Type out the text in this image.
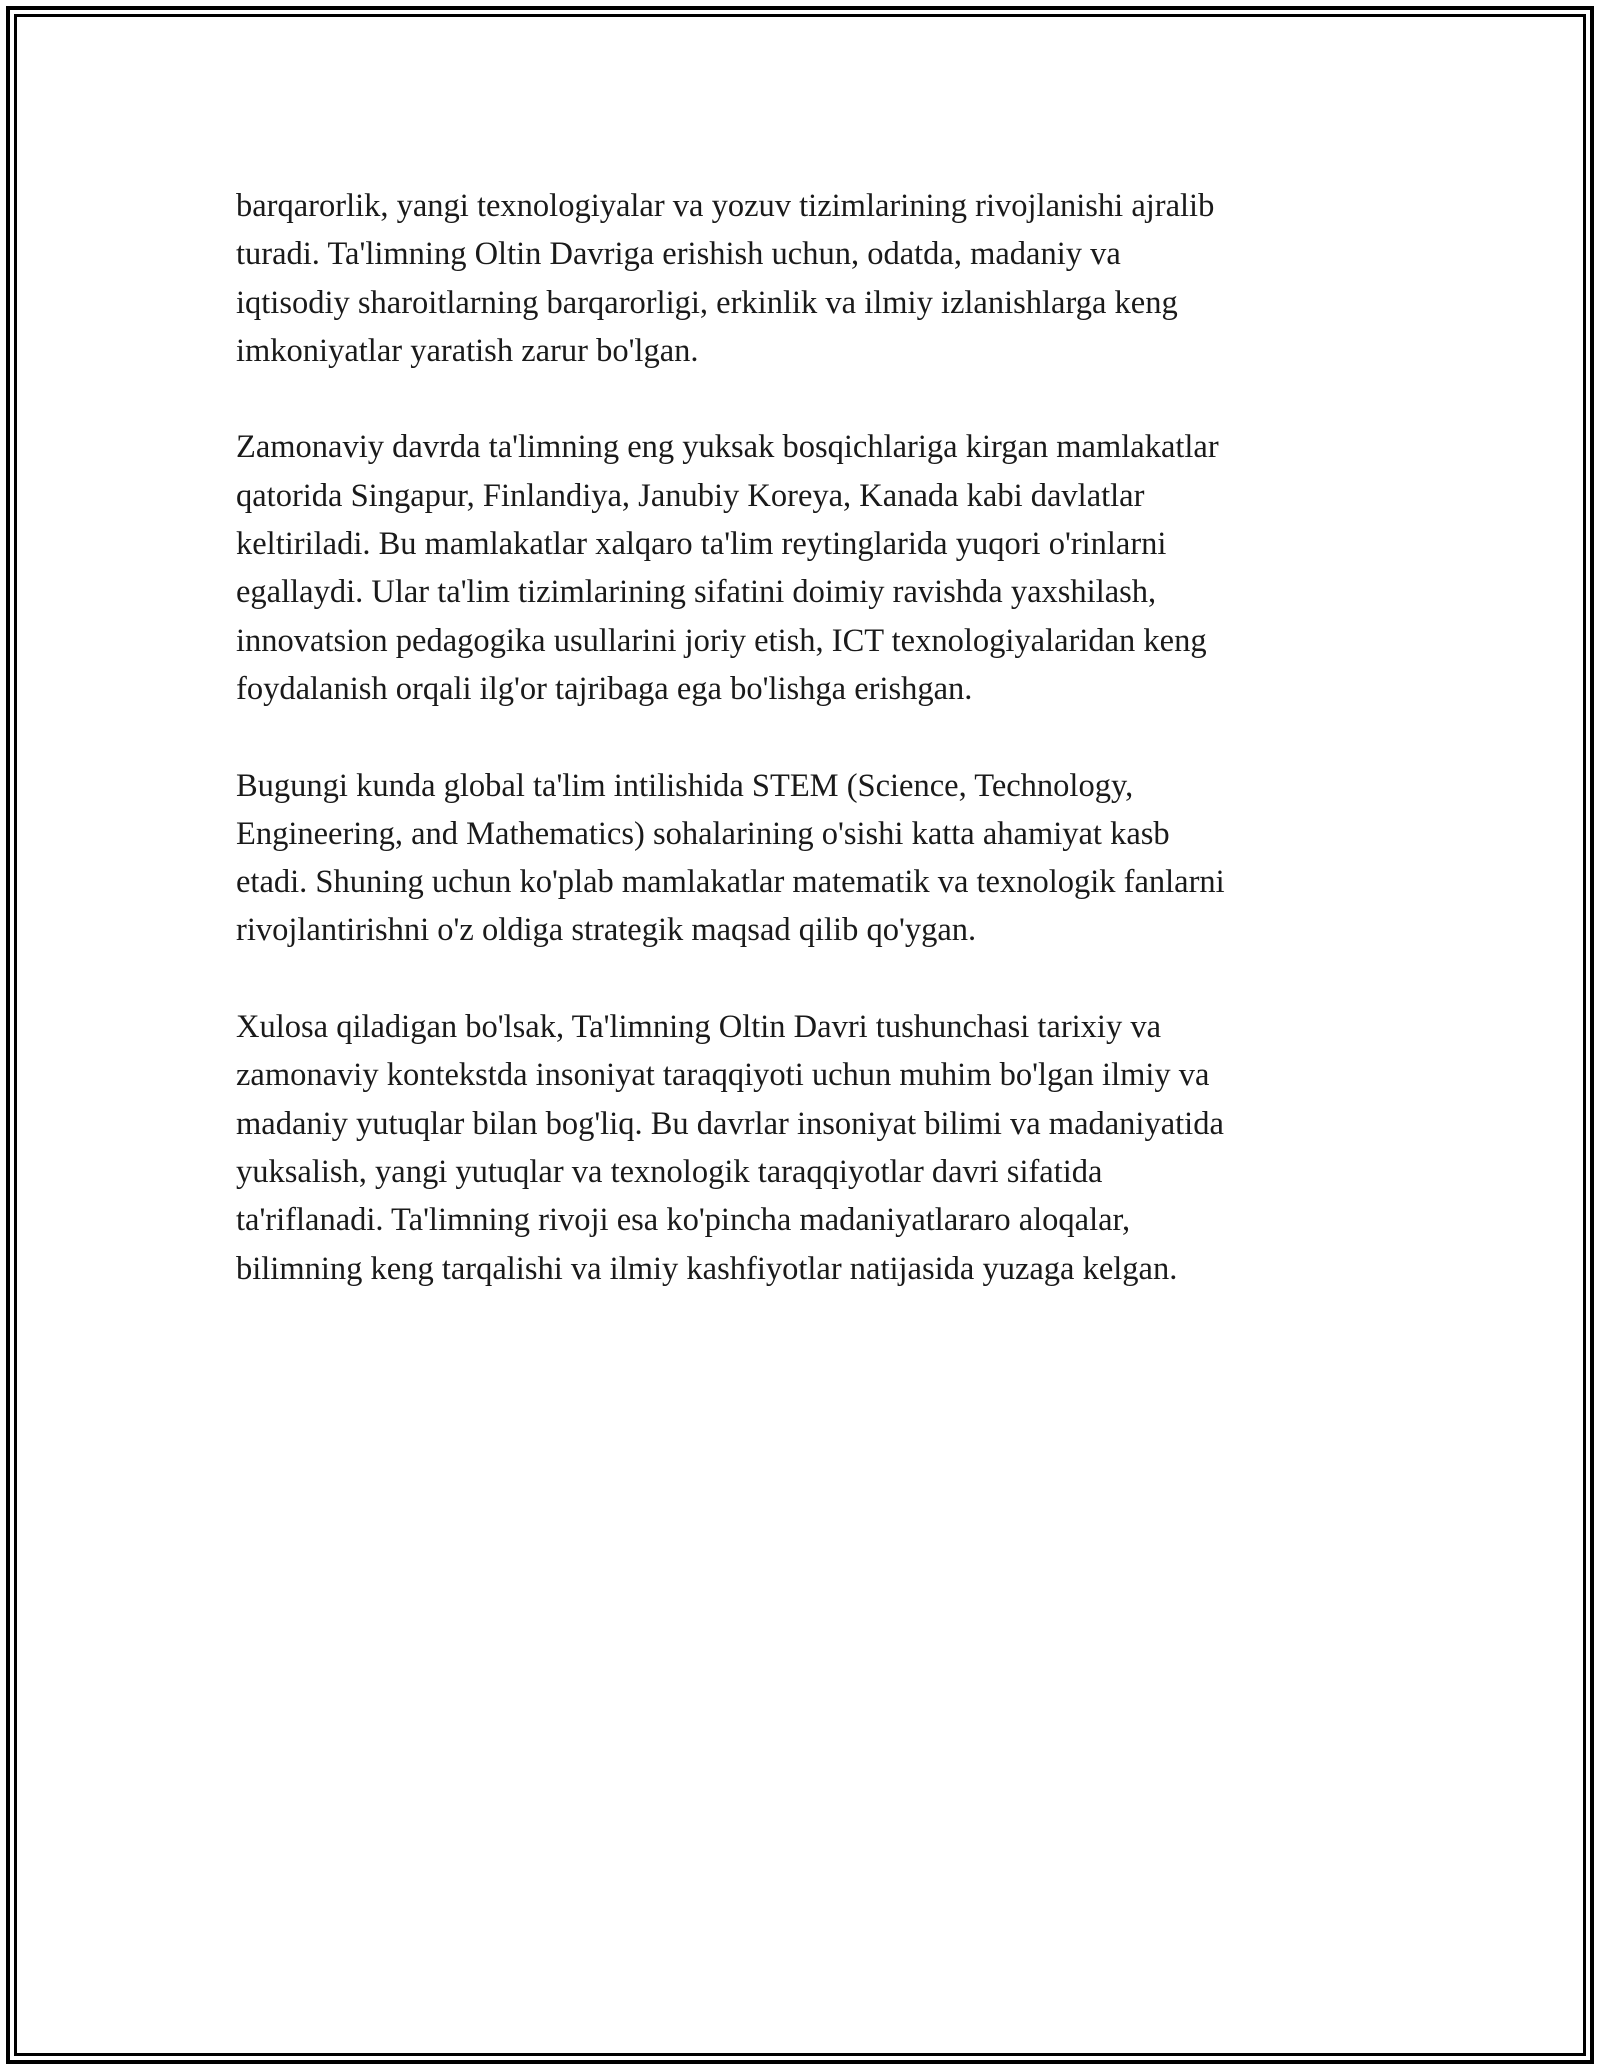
barqarorlik, yangi texnologiyalar va yozuv tizimlarining rivojlanishi ajralib
turadi. Ta'limning Oltin Davriga erishish uchun, odatda, madaniy va
iqtisodiy sharoitlarning barqarorligi, erkinlik va ilmiy izlanishlarga keng
imkoniyatlar yaratish zarur bo'lgan.

Zamonaviy davrda ta'limning eng yuksak bosqichlariga kirgan mamlakatlar
qatorida Singapur, Finlandiya, Janubiy Koreya, Kanada kabi davlatlar
keltiriladi. Bu mamlakatlar xalqaro ta'lim reytinglarida yuqori o'rinlarni
egallaydi. Ular ta'lim tizimlarining sifatini doimiy ravishda yaxshilash,
innovatsion pedagogika usullarini joriy etish, ICT texnologiyalaridan keng
foydalanish orqali ilg'or tajribaga ega bo'lishga erishgan.

Bugungi kunda global ta'lim intilishida STEM (Science, Technology,
Engineering, and Mathematics) sohalarining o'sishi katta ahamiyat kasb
etadi. Shuning uchun ko'plab mamlakatlar matematik va texnologik fanlarni
rivojlantirishni o'z oldiga strategik maqsad qilib qo'ygan.

Xulosa qiladigan bo'lsak, Ta'limning Oltin Davri tushunchasi tarixiy va
zamonaviy kontekstda insoniyat taraqqiyoti uchun muhim bo'lgan ilmiy va
madaniy yutuqlar bilan bog'liq. Bu davrlar insoniyat bilimi va madaniyatida
yuksalish, yangi yutuqlar va texnologik taraqqiyotlar davri sifatida
ta'riflanadi. Ta'limning rivoji esa ko'pincha madaniyatlararo aloqalar,
bilimning keng tarqalishi va ilmiy kashfiyotlar natijasida yuzaga kelgan.
